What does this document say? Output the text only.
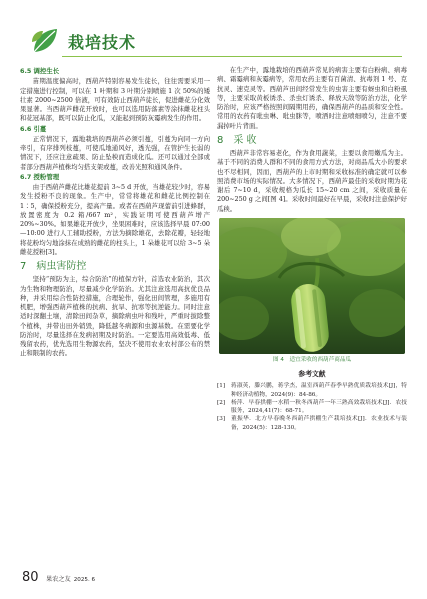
栽培技术
6.5 调控生长

苗期温度偏高时，西葫芦特别容易发生徒长，往往需要采用一定措施进行控制，可以在 1 叶期和 3 叶期分别喷施 1 次 50%的矮壮素 2000~2500 倍液，可有效防止西葫芦徒长，促进雌花分化效果显著。当西葫芦雌花开放时，也可以选用防落素等涂抹雌花柱头和花冠基部，既可以防止化瓜，又能起到预防灰霉病发生的作用。

6.6 引蔓

正常情况下，露地栽培的西葫芦必须引蔓，引蔓为向同一方向牵引，有序排列枝蔓，可使瓜地通风好，透光强，在管护生长弱的情况下，还应注意疏果、防止坠秧而造成化瓜。还可以通过全部或者部分西葫芦植株均匀搭支架或蔓，改善光照和通风条件。

6.7 授粉管理

由于西葫芦雌花比雄花提前 3~5 d 开放，当雄花较少时，容易发生授粉不良的现象。生产中，常常将雄花和雌花比例控制在 1∶5，确保授粉充分，提高产量。或者在西葫芦现蕾前引进蜂群，放置密度为 0.2 箱/667 m²，实践证明可使西葫芦增产 20%~30%。如果雄花开放少，坐果困难时，应该选择早晨 07:00—10:00 进行人工辅助授粉，方法为摘除雄花，去除花瓣，轻轻地将花粉均匀地涂抹在成熟的雌花的柱头上，1 朵雄花可以给 3~5 朵雌花授粉[3]。

7 病虫害防控

坚持“预防为主，综合防治”的植保方针，首选农业防治，其次为生物和物理防治，尽量减少化学防治。尤其注意选用高抗优良品种，并采用综合性防控措施，合理轮作，强化田间管理，多施用有机肥，增强西葫芦植株的抗病、抗旱、抗寒等抗逆能力。同时注意适时深翻土壤，清除田间杂草，摘除病虫叶和残叶，严重时拔除整个植株，并带出田外销毁，降低越冬病源和虫源基数。在需要化学防治时，尽量选择在发病初期及时防治。一定要选用高效低毒、低残留农药，优先选用生物源农药，坚决不使用农业农村部公布的禁止和限制的农药。

在生产中，露地栽培的西葫芦常见的病害主要有白粉病、病毒病、霜霉病和灰霉病等，常用农药主要有百菌清、抗毒剂 1 号、克抗灵、速克灵等。西葫芦田间经常发生的虫害主要有蚜虫和白粉虱等，主要采取黄板诱杀、杀虫灯诱杀、释放天敌等防治方法，化学防治时，应该严格按照间隔期用药，确保西葫芦的品质和安全性。常用的农药有吡虫啉、吡虫脒等，喷洒时注意喷细喷匀，注意不要漏掉叶片背面。

8 采 收

西葫芦非常容易老化，作为食用蔬菜，主要以食用嫩瓜为主。基于不同的消费人群和不同的食用方式方法，对商品瓜大小的要求也不尽相同，因而，西葫芦的上市时期和采收标准的确定就可以参照消费市场的实际情况。大多情况下，西葫芦最佳的采收时期为花谢后 7~10 d，采收规格为瓜长 15~20 cm 之间，采收质量在 200~250 g 之间[图 4]。采收时间最好在早晨，采收时注意保护好瓜秧。

图 4　适宜采收的西葫芦商品瓜
参考文献
[1]	蒋淑英，滕兴鹏，蒋学杰，温室西葫芦春季早熟优质栽培技术[J]，特种经济动植物，2024(9)：84-86。
[2]	杨萍．早春拱棚一水稻一秋冬西葫芦一年三熟高效栽培技术[J]．农技服务，2024,41(7)：68-71。
[3]	董振华．北方早春晚冬西葫芦拱棚生产栽培技术[J]．农业技术与装备，2024(5)：128-130。
80 果农之友 2025. 6
